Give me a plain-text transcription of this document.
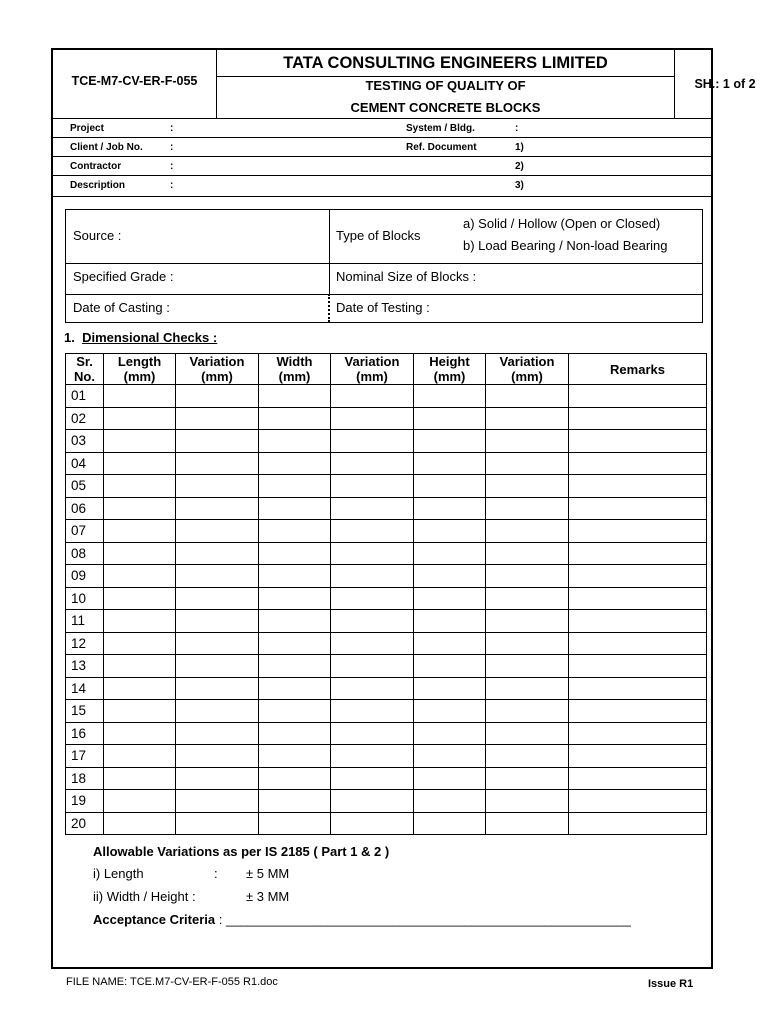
TCE-M7-CV-ER-F-055
TATA CONSULTING ENGINEERS LIMITED
TESTING OF QUALITY OF
CEMENT CONCRETE BLOCKS
SH.: 1 of 2
Project	:	System / Bldg.	:
Client / Job No.	:	Ref. Document	1)
Contractor	:	2)
Description	:	3)
Source :	Type of Blocks
a) Solid / Hollow (Open or Closed)
b) Load Bearing / Non-load Bearing
Specified Grade :	Nominal Size of Blocks :
Date of Casting :	Date of Testing :
1. Dimensional Checks :
Sr. No.	Length (mm)	Variation (mm)	Width (mm)	Variation (mm)	Height (mm)	Variation (mm)	Remarks
01							
02							
03							
04							
05							
06							
07							
08							
09							
10							
11							
12							
13							
14							
15							
16							
17							
18							
19							
20							
Allowable Variations as per IS 2185 ( Part 1 & 2 )
i) Length	: ± 5 MM
ii) Width / Height :	± 3 MM
Acceptance Criteria : ________________________________________________________
FILE NAME: TCE.M7-CV-ER-F-055 R1.doc	Issue R1
